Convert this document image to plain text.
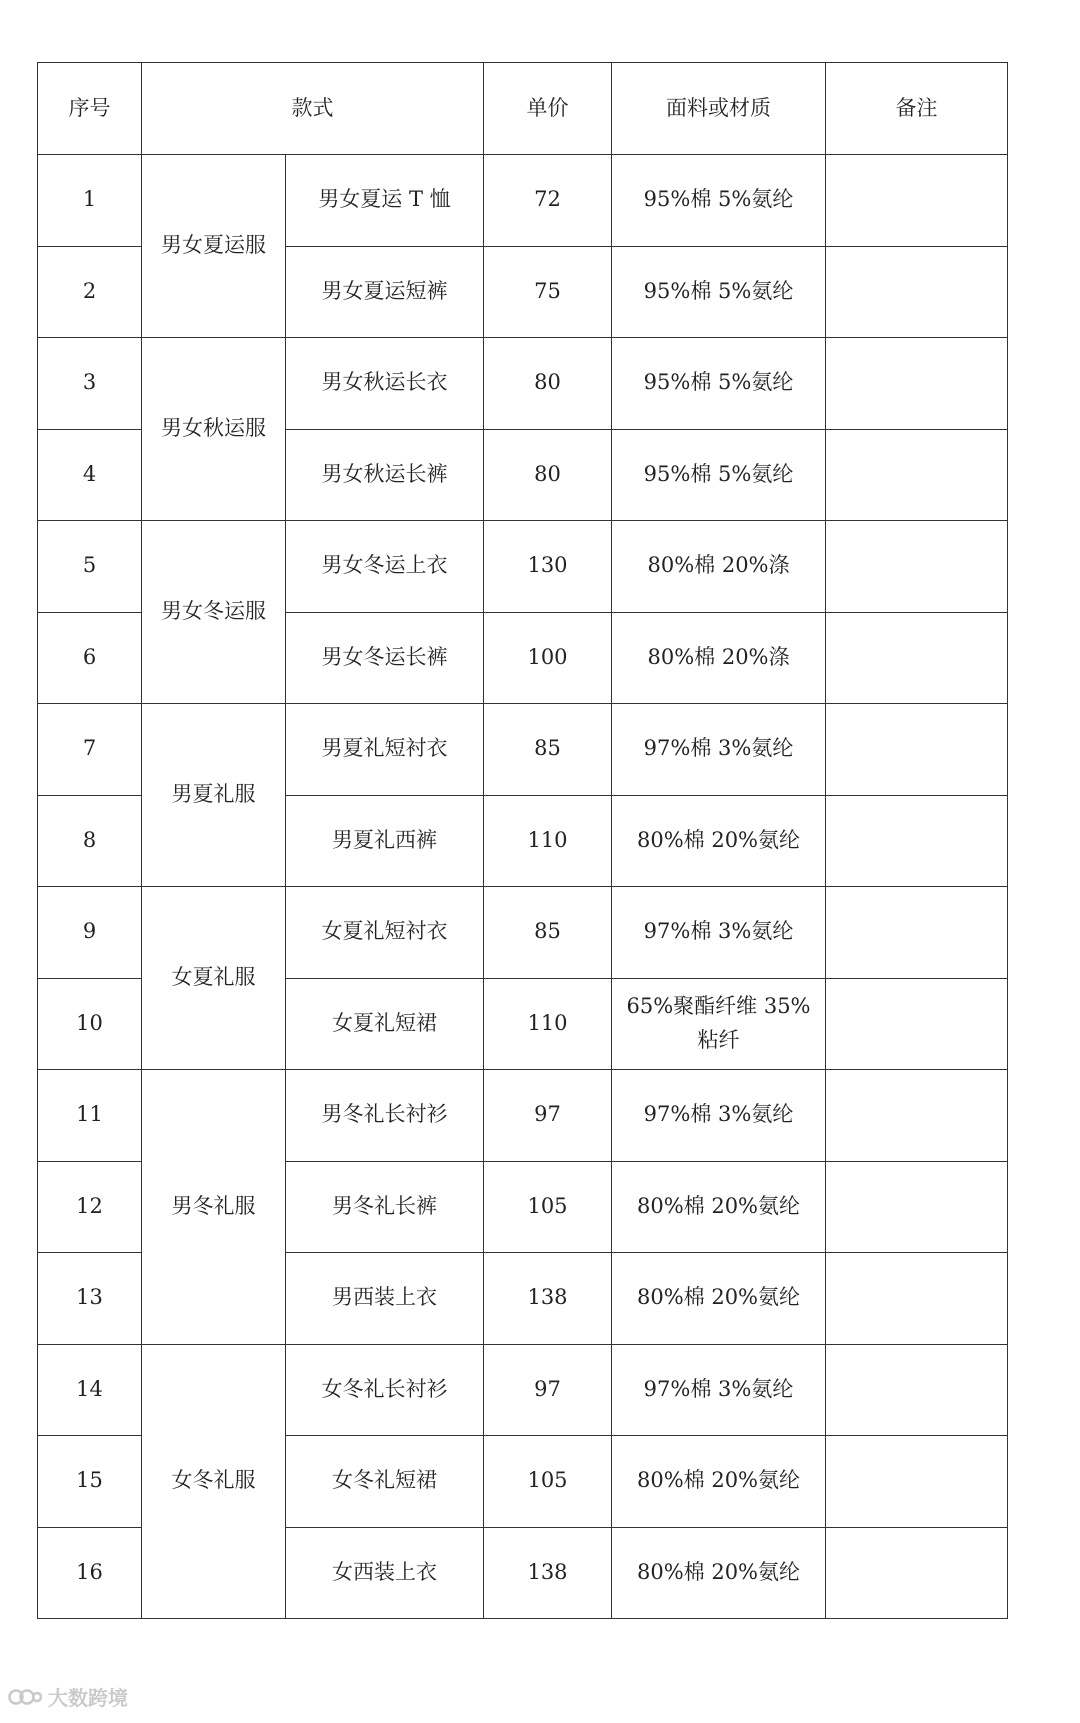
序号	款式		单价	面料或材质	备注
1	男女夏运服	男女夏运 T 恤	72	95%棉 5%氨纶	
2		男女夏运短裤	75	95%棉 5%氨纶	
3	男女秋运服	男女秋运长衣	80	95%棉 5%氨纶	
4		男女秋运长裤	80	95%棉 5%氨纶	
5	男女冬运服	男女冬运上衣	130	80%棉 20%涤	
6		男女冬运长裤	100	80%棉 20%涤	
7	男夏礼服	男夏礼短衬衣	85	97%棉 3%氨纶	
8		男夏礼西裤	110	80%棉 20%氨纶	
9	女夏礼服	女夏礼短衬衣	85	97%棉 3%氨纶	
10		女夏礼短裙	110	65%聚酯纤维 35%粘纤	
11	男冬礼服	男冬礼长衬衫	97	97%棉 3%氨纶	
12		男冬礼长裤	105	80%棉 20%氨纶	
13		男西装上衣	138	80%棉 20%氨纶	
14	女冬礼服	女冬礼长衬衫	97	97%棉 3%氨纶	
15		女冬礼短裙	105	80%棉 20%氨纶	
16		女西装上衣	138	80%棉 20%氨纶	
大数跨境
